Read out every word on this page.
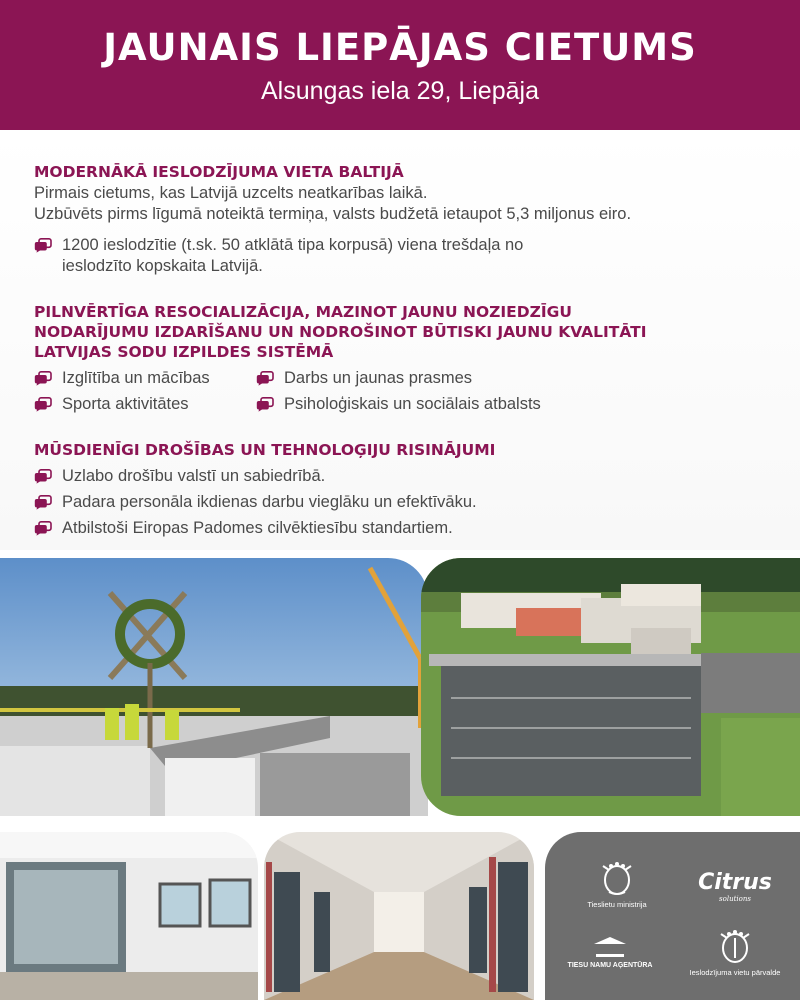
JAUNAIS LIEPĀJAS CIETUMS
Alsungas iela 29, Liepāja
MODERNĀKĀ IESLODZĪJUMA VIETA BALTIJĀ
Pirmais cietums, kas Latvijā uzcelts neatkarības laikā.
Uzbūvēts pirms līgumā noteiktā termiņa, valsts budžetā ietaupot 5,3 miljonus eiro.
1200 ieslodzītie (t.sk. 50 atklātā tipa korpusā) viena trešdaļa no
ieslodzīto kopskaita Latvijā.
PILNVĒRTĪGA RESOCIALIZĀCIJA, MAZINOT JAUNU NOZIEDZĪGU
NODARĪJUMU IZDARĪŠANU UN NODROŠINOT BŪTISKI JAUNU KVALITĀTI
LATVIJAS SODU IZPILDES SISTĒMĀ
Izglītība un mācības
Sporta aktivitātes
Darbs un jaunas prasmes
Psiholoģiskais un sociālais atbalsts
MŪSDIENĪGI DROŠĪBAS UN TEHNOLOĢIJU RISINĀJUMI
Uzlabo drošību valstī un sabiedrībā.
Padara personāla ikdienas darbu vieglāku un efektīvāku.
Atbilstoši Eiropas Padomes cilvēktiesību standartiem.
Tieslietu ministrija
Citrus
solutions
TNA
TIESU NAMU AĢENTŪRA
Ieslodzījuma vietu pārvalde
